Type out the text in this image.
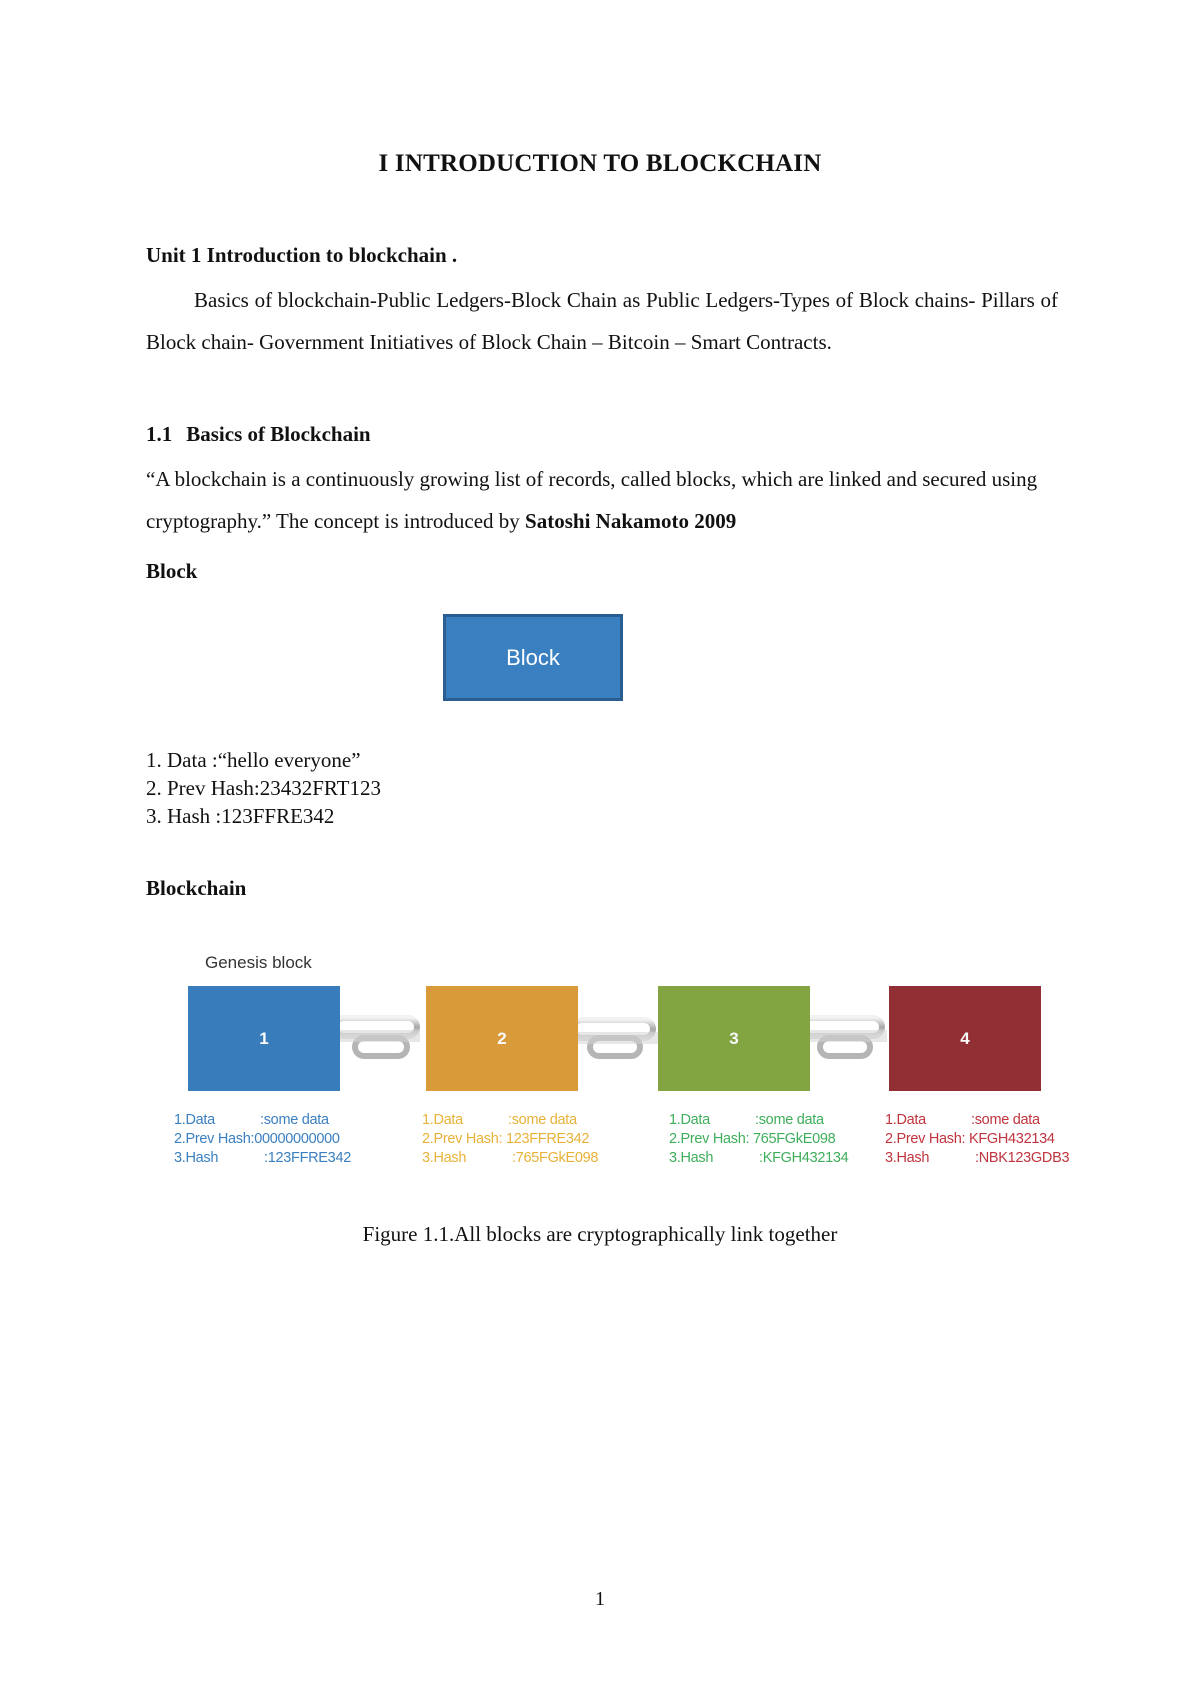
I INTRODUCTION TO BLOCKCHAIN
Unit 1 Introduction to blockchain .
Basics of blockchain-Public Ledgers-Block Chain as Public Ledgers-Types of Block chains- Pillars of Block chain- Government Initiatives of Block Chain – Bitcoin – Smart Contracts.
1.1 Basics of Blockchain
“A blockchain is a continuously growing list of records, called blocks, which are linked and secured using cryptography.” The concept is introduced by Satoshi Nakamoto 2009
Block
Block
1. Data :“hello everyone”
2. Prev Hash:23432FRT123
3. Hash :123FFRE342
Blockchain
Genesis block
1	2	3	4
1.Data	:some data
2.Prev Hash :00000000000
3.Hash	:123FFRE342
1.Data	:some data
2.Prev Hash : 123FFRE342
3.Hash	:765FGkE098
1.Data	:some data
2.Prev Hash : 765FGkE098
3.Hash	:KFGH432134
1.Data	:some data
2.Prev Hash : KFGH432134
3.Hash	:NBK123GDB3
Figure 1.1.All blocks are cryptographically link together
1
